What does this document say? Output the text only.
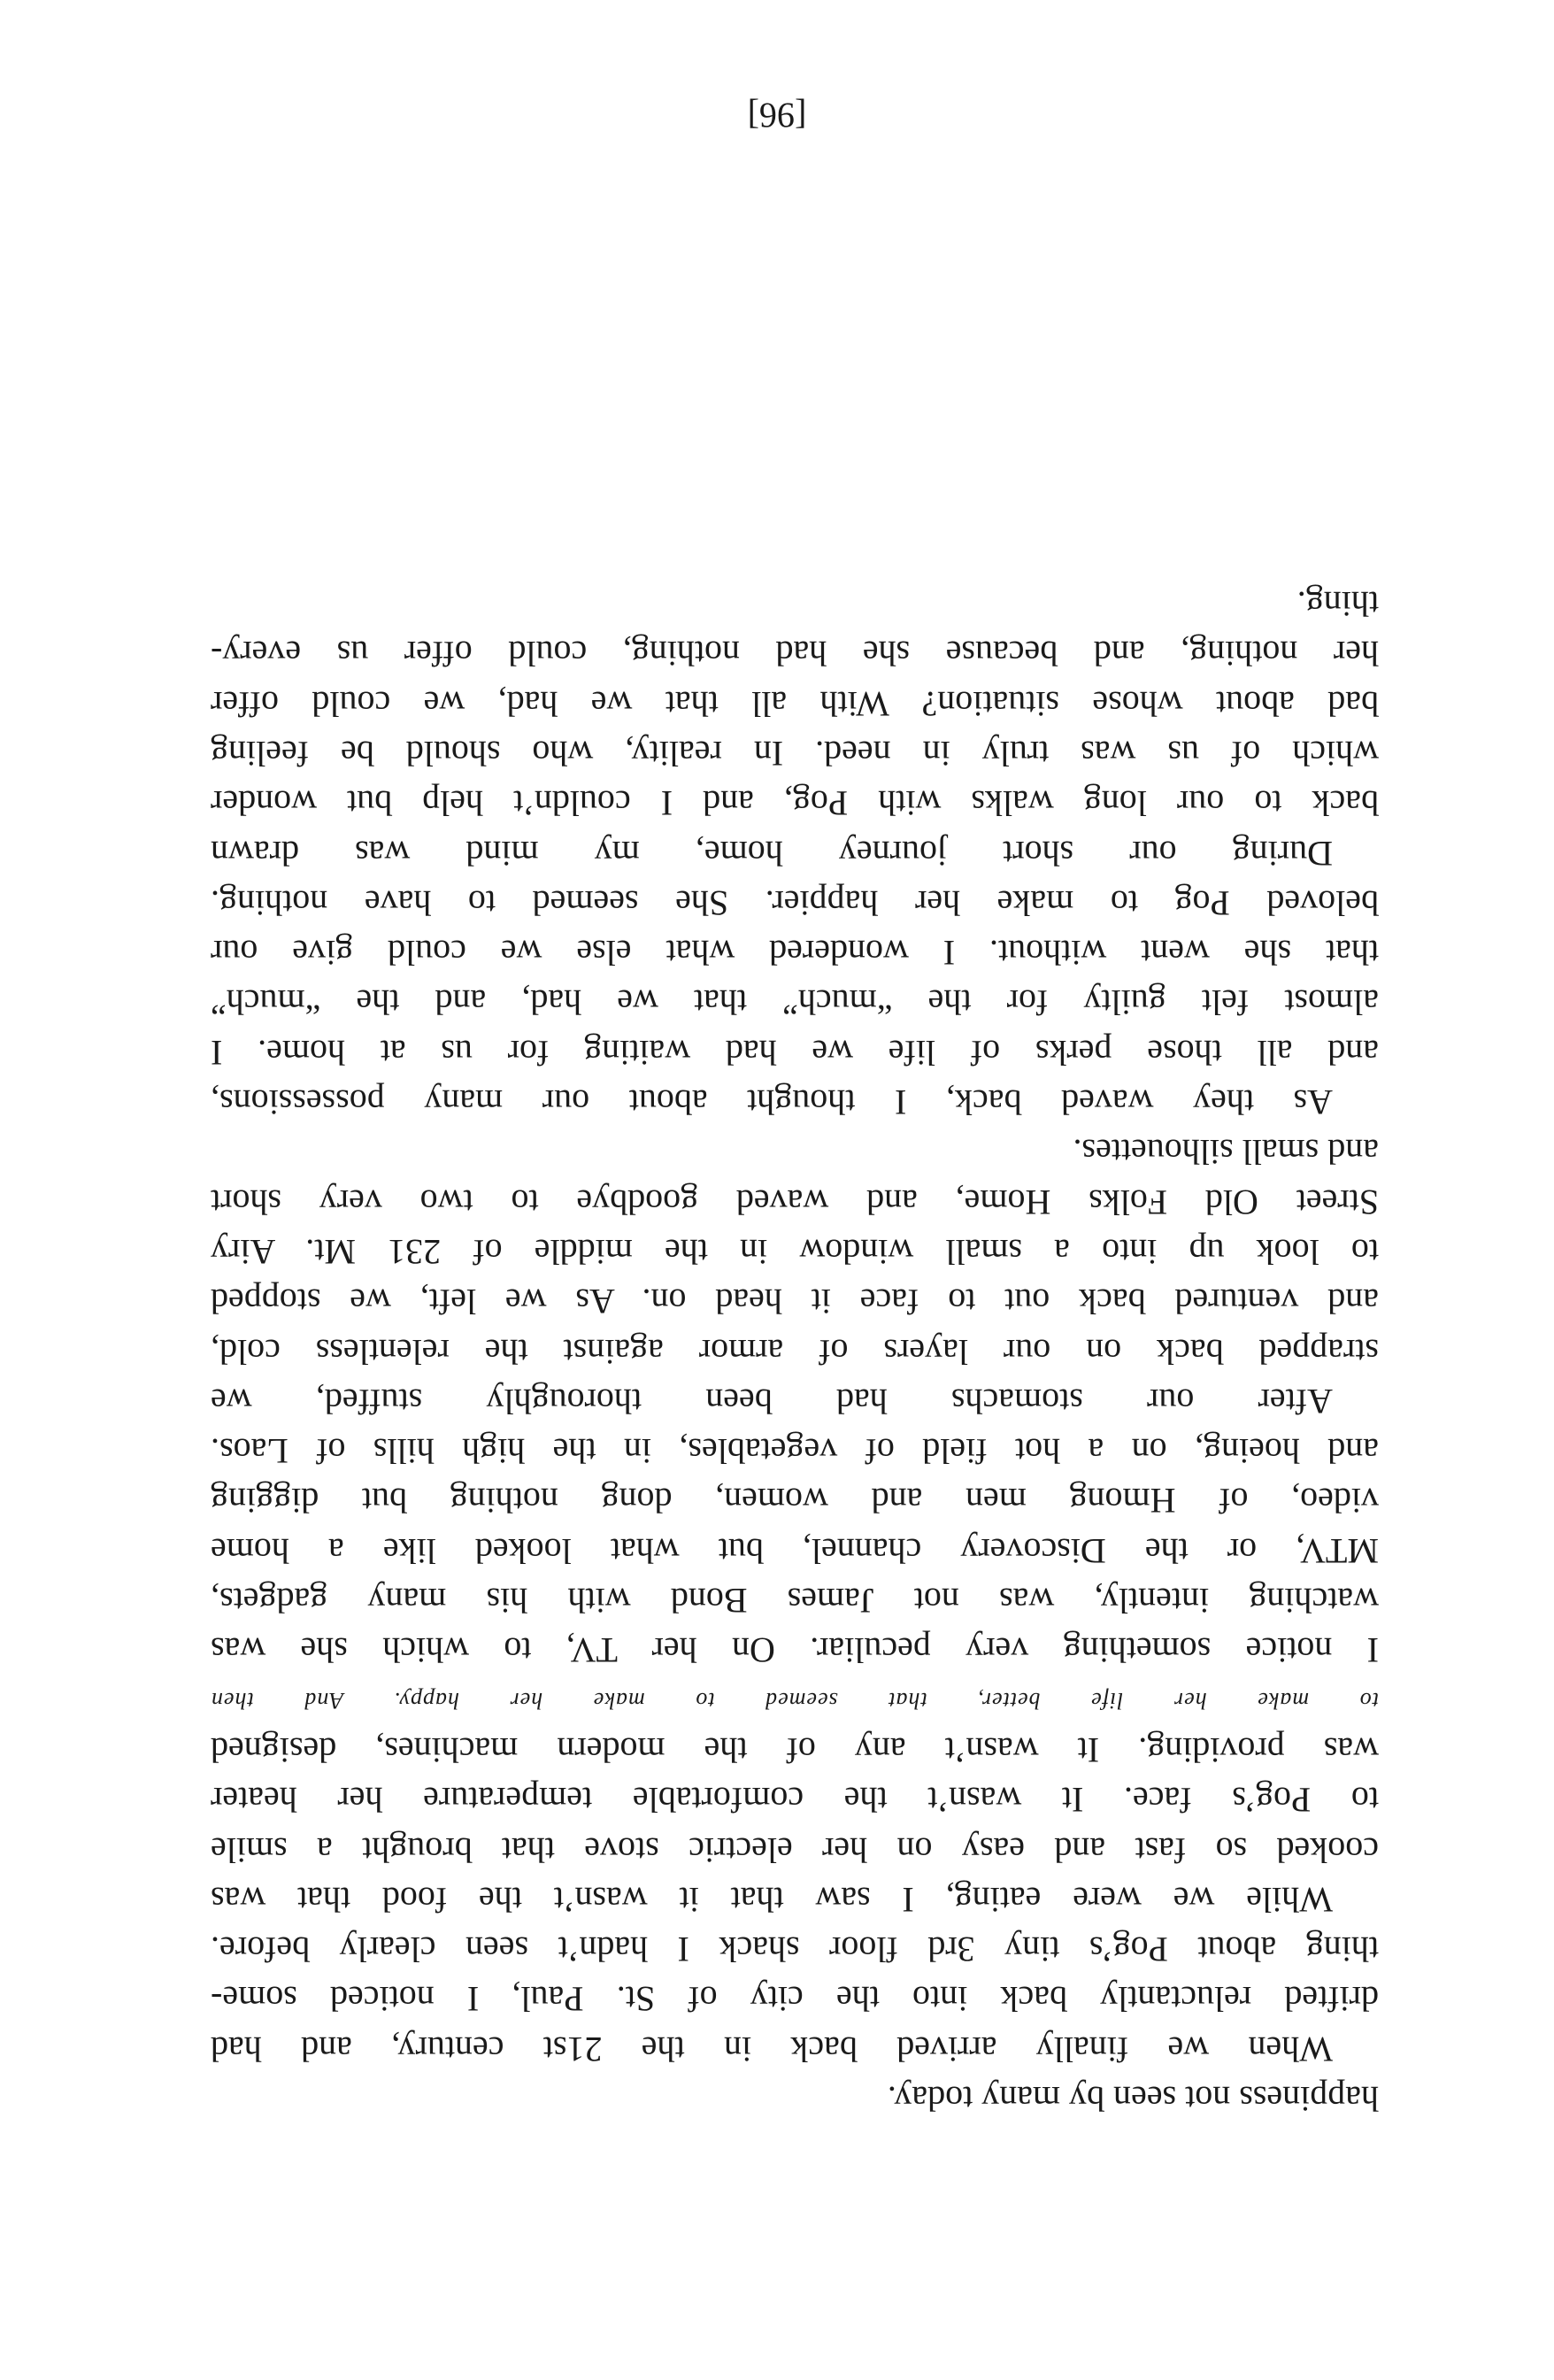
happiness not seen by many today.
When we finally arrived back in the 21st century, and had
drifted reluctantly back into the city of St. Paul, I noticed some-
thing about Pog’s tiny 3rd floor shack I hadn’t seen clearly before.
While we were eating, I saw that it wasn’t the food that was
cooked so fast and easy on her electric stove that brought a smile
to Pog’s face. It wasn’t the comfortable temperature her heater
was providing. It wasn’t any of the modern machines, designed
to make her life better, that seemed to make her happy. And then
I notice something very peculiar. On her TV, to which she was
watching intently, was not James Bond with his many gadgets,
MTV, or the Discovery channel, but what looked like a home
video, of Hmong men and women, dong nothing but digging
and hoeing, on a hot field of vegetables, in the high hills of Laos.
After our stomachs had been thoroughly stuffed, we
strapped back on our layers of armor against the relentless cold,
and ventured back out to face it head on. As we left, we stopped
to look up into a small window in the middle of 231 Mt. Airy
Street Old Folks Home, and waved goodbye to two very short
and small silhouettes.
As they waved back, I thought about our many possessions,
and all those perks of life we had waiting for us at home. I
almost felt guilty for the “much” that we had, and the “much”
that she went without. I wondered what else we could give our
beloved Pog to make her happier. She seemed to have nothing.
During our short journey home, my mind was drawn
back to our long walks with Pog, and I couldn’t help but wonder
which of us was truly in need. In reality, who should be feeling
bad about whose situation? With all that we had, we could offer
her nothing, and because she had nothing, could offer us every-
thing.
[96]
